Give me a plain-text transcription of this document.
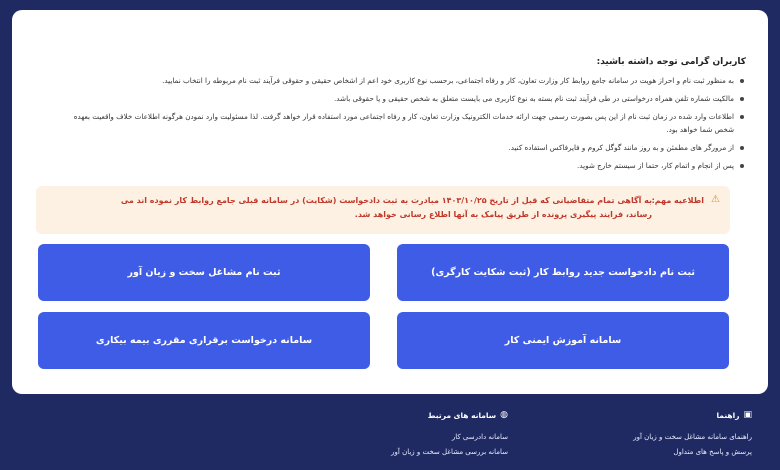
کاربران گرامی توجه داشته باشید:
به منظور ثبت نام و احراز هویت در سامانه جامع روابط کار وزارت تعاون، کار و رفاه اجتماعی، برحسب نوع کاربری خود اعم از اشخاص حقیقی و حقوقی فرآیند ثبت نام مربوطه را انتخاب نمایید.
مالکیت شماره تلفن همراه درخواستی در طی فرآیند ثبت نام بسته به نوع کاربری می بایست متعلق به شخص حقیقی و یا حقوقی باشد.
اطلاعات وارد شده در زمان ثبت نام از این پس بصورت رسمی جهت ارائه خدمات الکترونیک وزارت تعاون، کار و رفاه اجتماعی مورد استفاده قرار خواهد گرفت. لذا مسئولیت وارد نمودن هرگونه اطلاعات خلاف واقعیت بعهده شخص شما خواهد بود.
از مرورگر های مطمئن و به روز مانند گوگل کروم و فایرفاکس استفاده کنید.
پس از انجام و اتمام کار، حتما از سیستم خارج شوید.
⚠
اطلاعیه مهم:
به آگاهی تمام متقاضیانی که قبل از تاریخ ۱۴۰۳/۱۰/۲۵ مبادرت به ثبت دادخواست (شکایت) در سامانه قبلی جامع روابط کار نموده اند می رساند، فرایند پیگیری پرونده از طریق پیامک به آنها اطلاع رسانی خواهد شد.
ثبت نام دادخواست جدید روابط کار (ثبت شکایت کارگری)
ثبت نام مشاغل سخت و زیان آور
سامانه آموزش ایمنی کار
سامانه درخواست برقراری مقرری بیمه بیکاری
▣
راهنما
راهنمای سامانه مشاغل سخت و زیان آور
پرسش و پاسخ های متداول
◍
سامانه های مرتبط
سامانه دادرسی کار
سامانه بررسی مشاغل سخت و زیان آور
